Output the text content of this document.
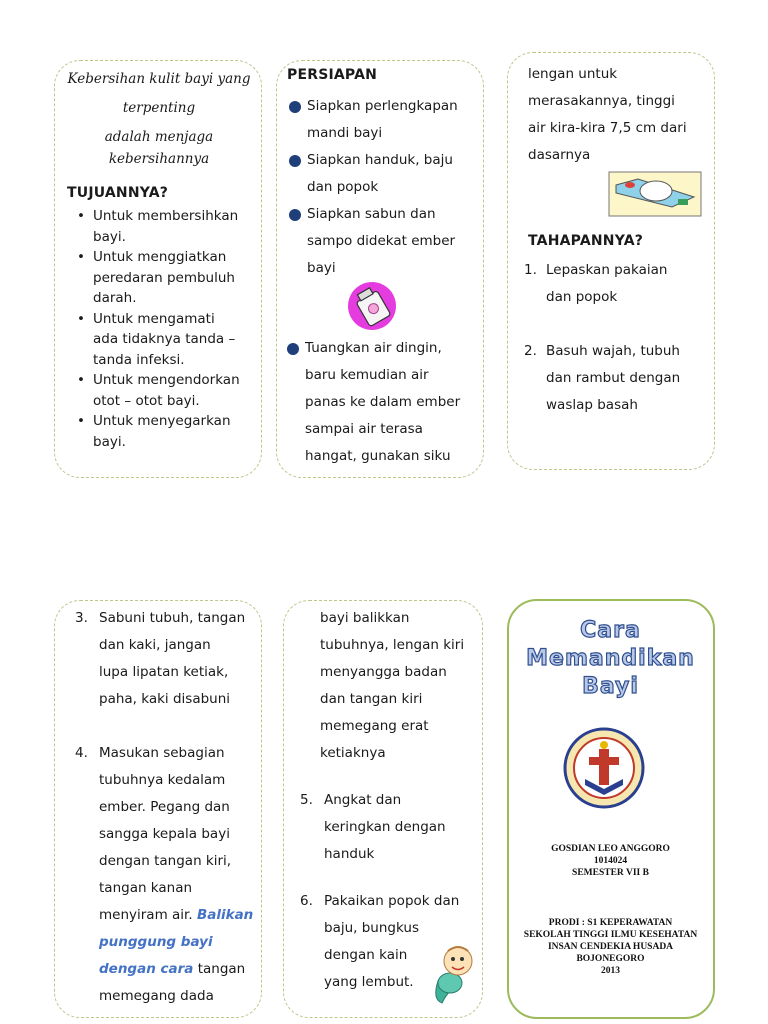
Kebersihan kulit bayi yang
terpenting
adalah menjaga
kebersihannya
TUJUANNYA?
• Untuk membersihkan
bayi.
• Untuk menggiatkan
peredaran pembuluh
darah.
• Untuk mengamati
ada tidaknya tanda –
tanda infeksi.
• Untuk mengendorkan
otot – otot bayi.
• Untuk menyegarkan
bayi.
PERSIAPAN
Siapkan perlengkapan
mandi bayi
Siapkan handuk, baju
dan popok
Siapkan sabun dan
sampo didekat ember
bayi
Tuangkan air dingin,
baru kemudian air
panas ke dalam ember
sampai air terasa
hangat, gunakan siku
lengan untuk
merasakannya, tinggi
air kira-kira 7,5 cm dari
dasarnya
TAHAPANNYA?
1. Lepaskan pakaian
dan popok
2. Basuh wajah, tubuh
dan rambut dengan
waslap basah
3. Sabuni tubuh, tangan
dan kaki, jangan
lupa lipatan ketiak,
paha, kaki disabuni
4. Masukan sebagian
tubuhnya kedalam
ember. Pegang dan
sangga kepala bayi
dengan tangan kiri,
tangan kanan
menyiram air. Balikan
punggung bayi
dengan cara tangan
memegang dada
bayi balikkan
tubuhnya, lengan kiri
menyangga badan
dan tangan kiri
memegang erat
ketiaknya
5. Angkat dan
keringkan dengan
handuk
6. Pakaikan popok dan
baju, bungkus
dengan kain
yang lembut.
Cara
Memandikan
Bayi
GOSDIAN LEO ANGGORO
1014024
SEMESTER VII B
PRODI : S1 KEPERAWATAN
SEKOLAH TINGGI ILMU KESEHATAN
INSAN CENDEKIA HUSADA
BOJONEGORO
2013
